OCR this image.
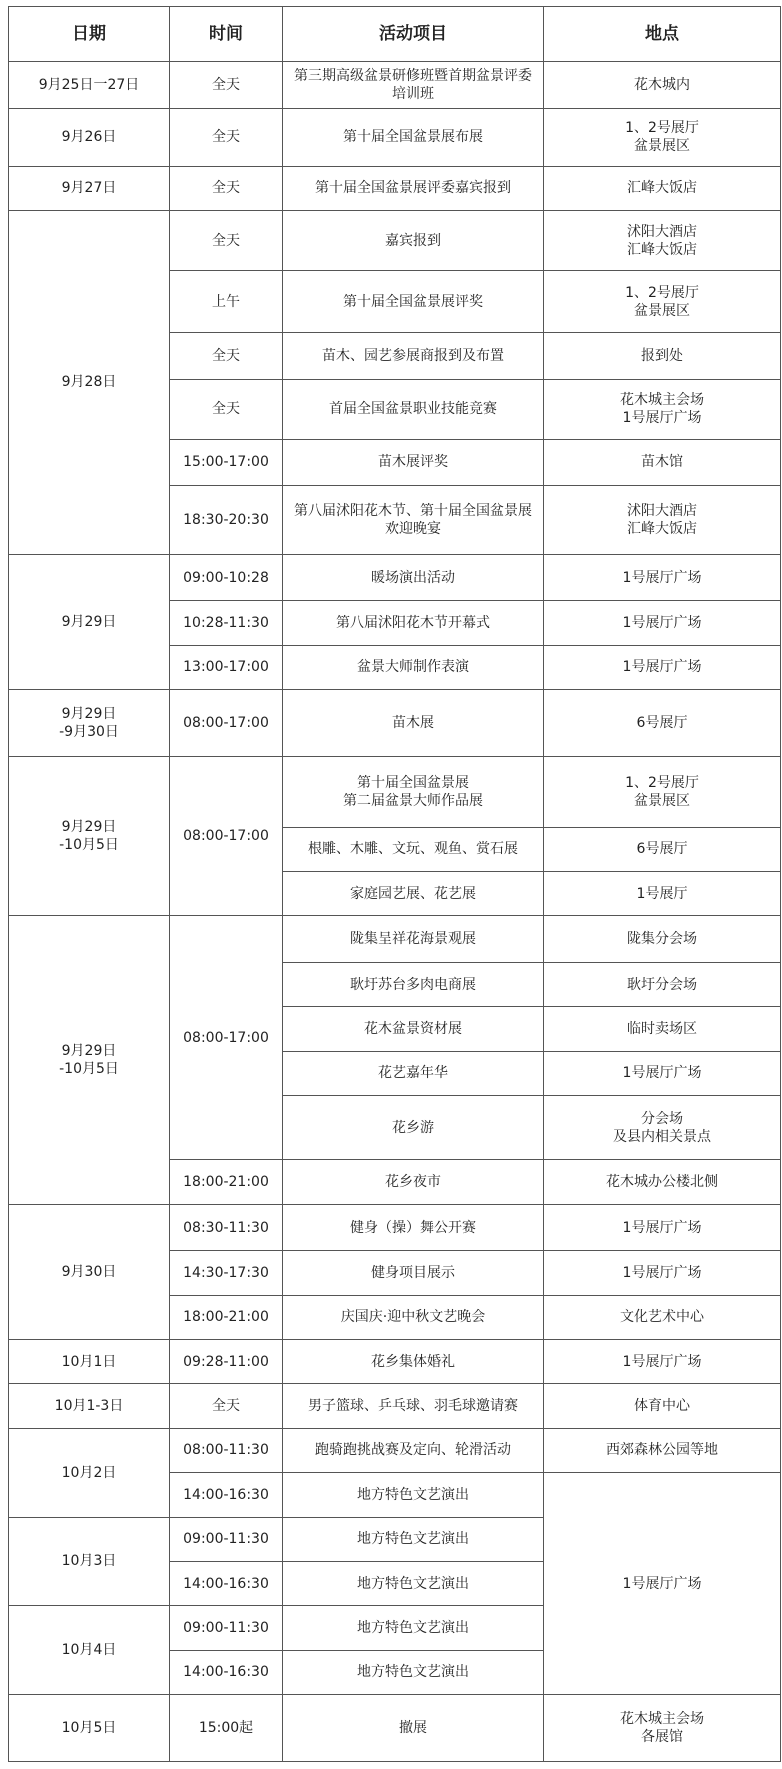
日期	时间	活动项目	地点
9月25日一27日	全天	第三期高级盆景研修班暨首期盆景评委
培训班	花木城内
9月26日	全天	第十届全国盆景展布展	1、2号展厅
盆景展区
9月27日	全天	第十届全国盆景展评委嘉宾报到	汇峰大饭店
9月28日	全天	嘉宾报到	沭阳大酒店
汇峰大饭店
	上午	第十届全国盆景展评奖	1、2号展厅
盆景展区
	全天	苗木、园艺参展商报到及布置	报到处
	全天	首届全国盆景职业技能竞赛	花木城主会场
1号展厅广场
	15:00-17:00	苗木展评奖	苗木馆
	18:30-20:30	第八届沭阳花木节、第十届全国盆景展
欢迎晚宴	沭阳大酒店
汇峰大饭店
9月29日	09:00-10:28	暖场演出活动	1号展厅广场
	10:28-11:30	第八届沭阳花木节开幕式	1号展厅广场
	13:00-17:00	盆景大师制作表演	1号展厅广场
9月29日
-9月30日	08:00-17:00	苗木展	6号展厅
9月29日
-10月5日	08:00-17:00	第十届全国盆景展
第二届盆景大师作品展	1、2号展厅
盆景展区
		根雕、木雕、文玩、观鱼、赏石展	6号展厅
		家庭园艺展、花艺展	1号展厅
9月29日
-10月5日	08:00-17:00	陇集呈祥花海景观展	陇集分会场
		耿圩苏台多肉电商展	耿圩分会场
		花木盆景资材展	临时卖场区
		花艺嘉年华	1号展厅广场
		花乡游	分会场
及县内相关景点
	18:00-21:00	花乡夜市	花木城办公楼北侧
9月30日	08:30-11:30	健身（操）舞公开赛	1号展厅广场
	14:30-17:30	健身项目展示	1号展厅广场
	18:00-21:00	庆国庆·迎中秋文艺晚会	文化艺术中心
10月1日	09:28-11:00	花乡集体婚礼	1号展厅广场
10月1-3日	全天	男子篮球、乒乓球、羽毛球邀请赛	体育中心
10月2日	08:00-11:30	跑骑跑挑战赛及定向、轮滑活动	西郊森林公园等地
	14:00-16:30	地方特色文艺演出	1号展厅广场
10月3日	09:00-11:30	地方特色文艺演出	
	14:00-16:30	地方特色文艺演出	
10月4日	09:00-11:30	地方特色文艺演出	
	14:00-16:30	地方特色文艺演出	
10月5日	15:00起	撤展	花木城主会场
各展馆
